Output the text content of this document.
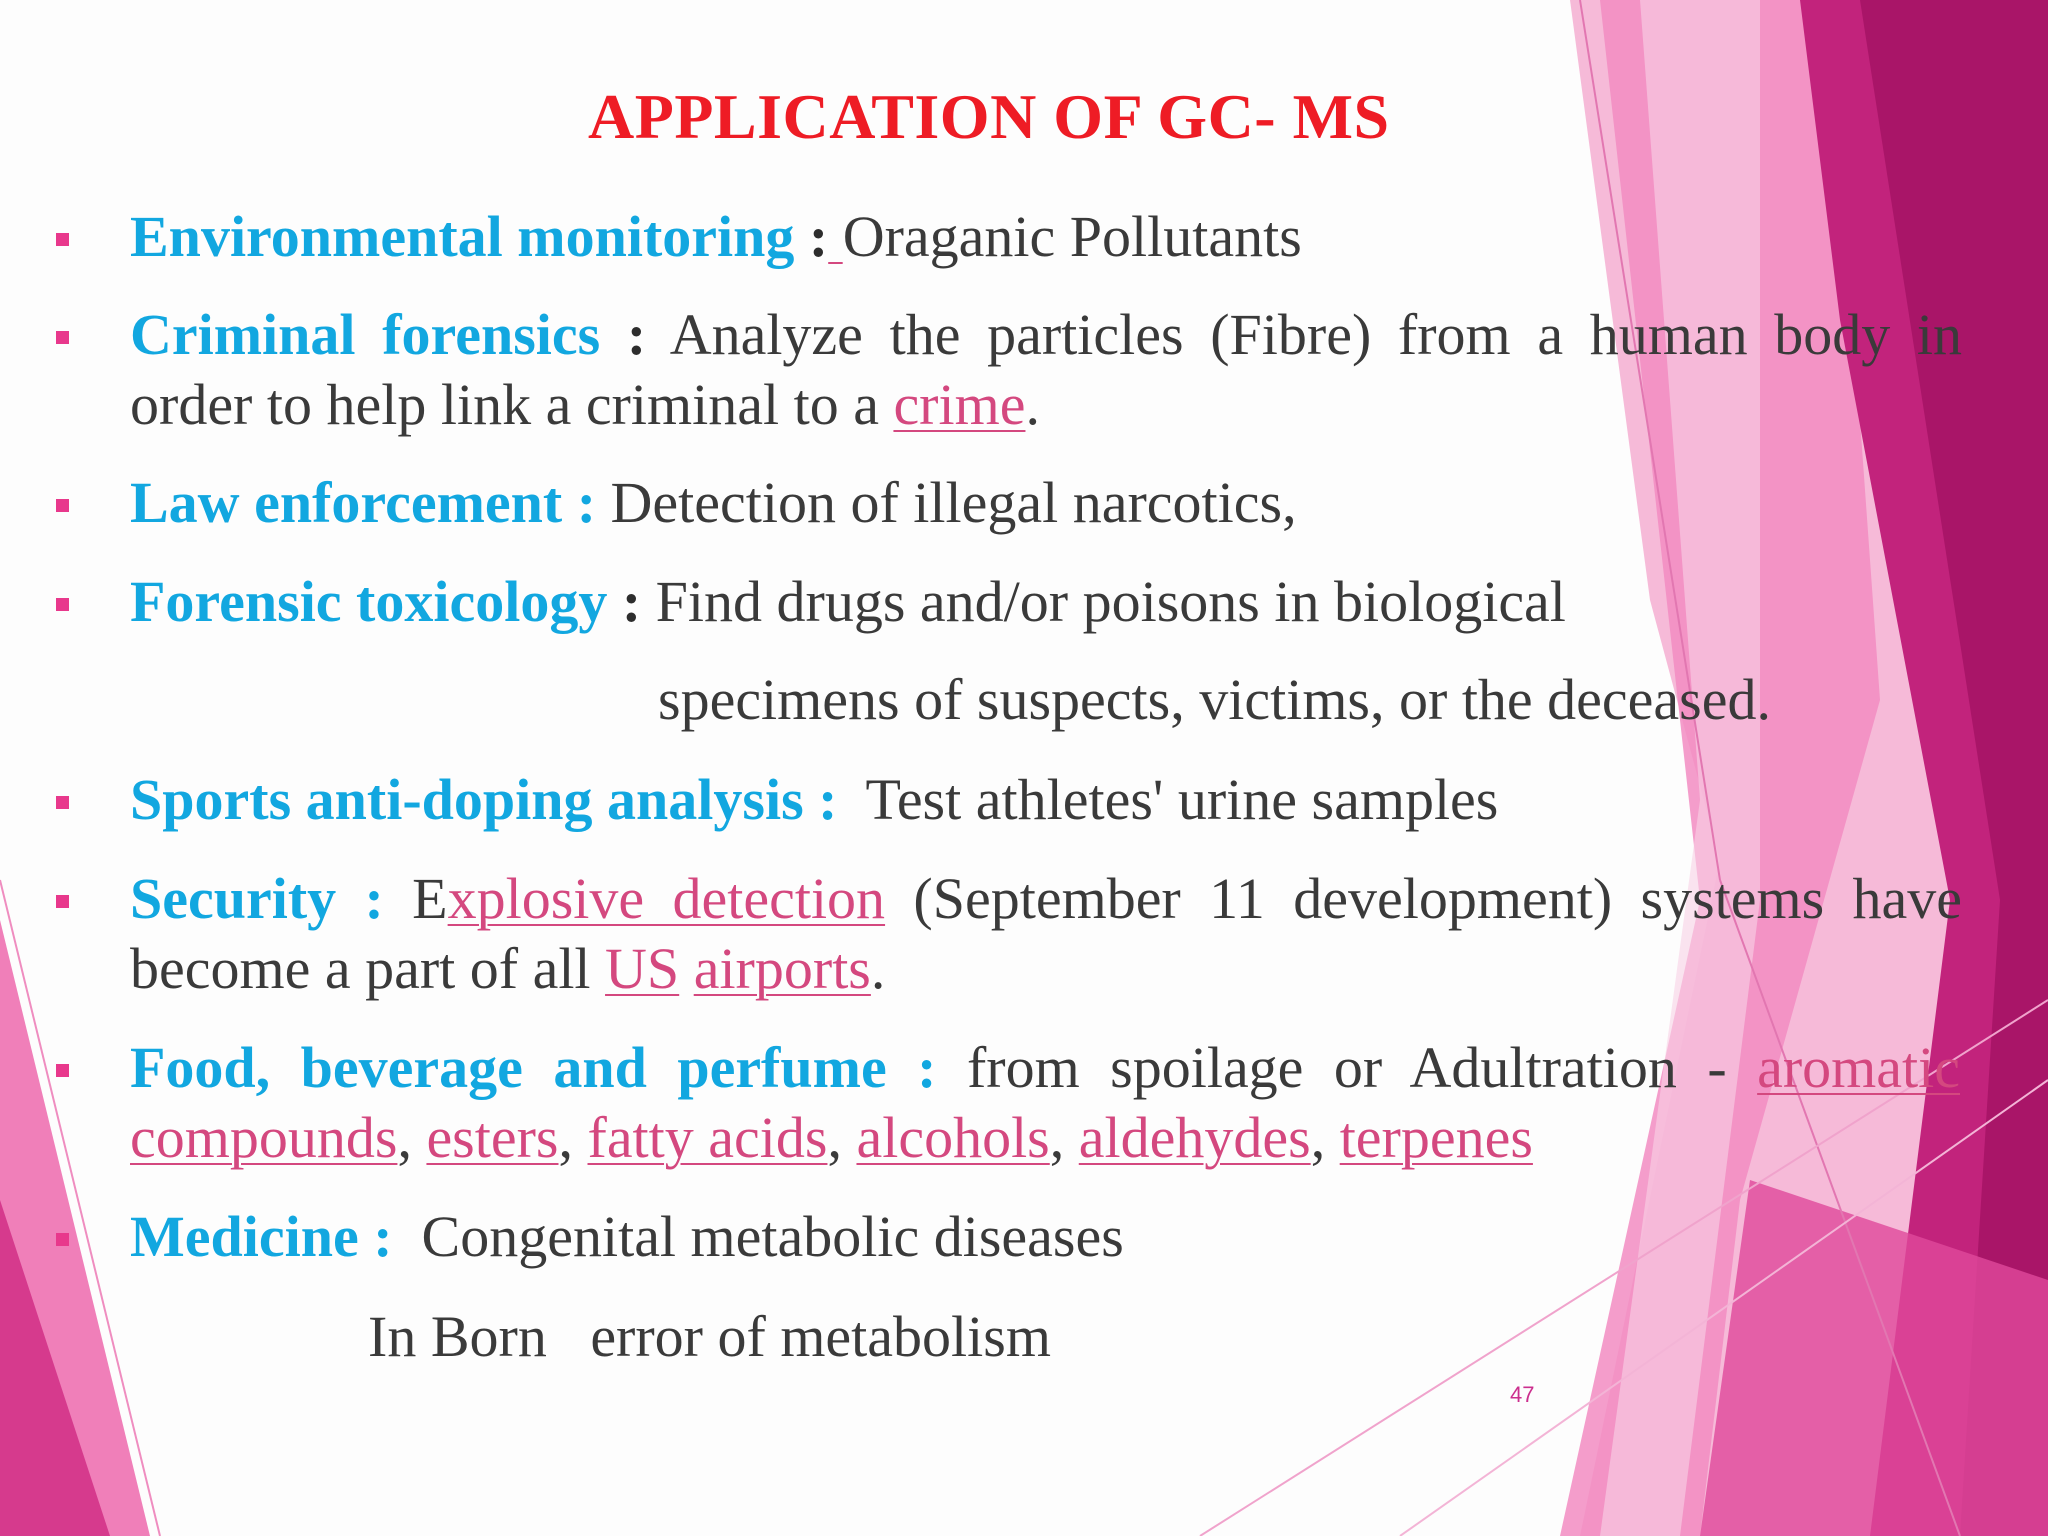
APPLICATION OF GC- MS
Environmental monitoring : Oraganic Pollutants
Criminal forensics : Analyze the particles (Fibre) from a human body in order to help link a criminal to a crime.
Law enforcement : Detection of illegal narcotics,
Forensic toxicology : Find drugs and/or poisons in biological
specimens of suspects, victims, or the deceased.
Sports anti-doping analysis : Test athletes' urine samples
Security : Explosive detection (September 11 development) systems have become a part of all US airports.
Food, beverage and perfume : from spoilage or Adultration - aromatic compounds, esters, fatty acids, alcohols, aldehydes, terpenes
Medicine : Congenital metabolic diseases
In Born   error of metabolism
47
